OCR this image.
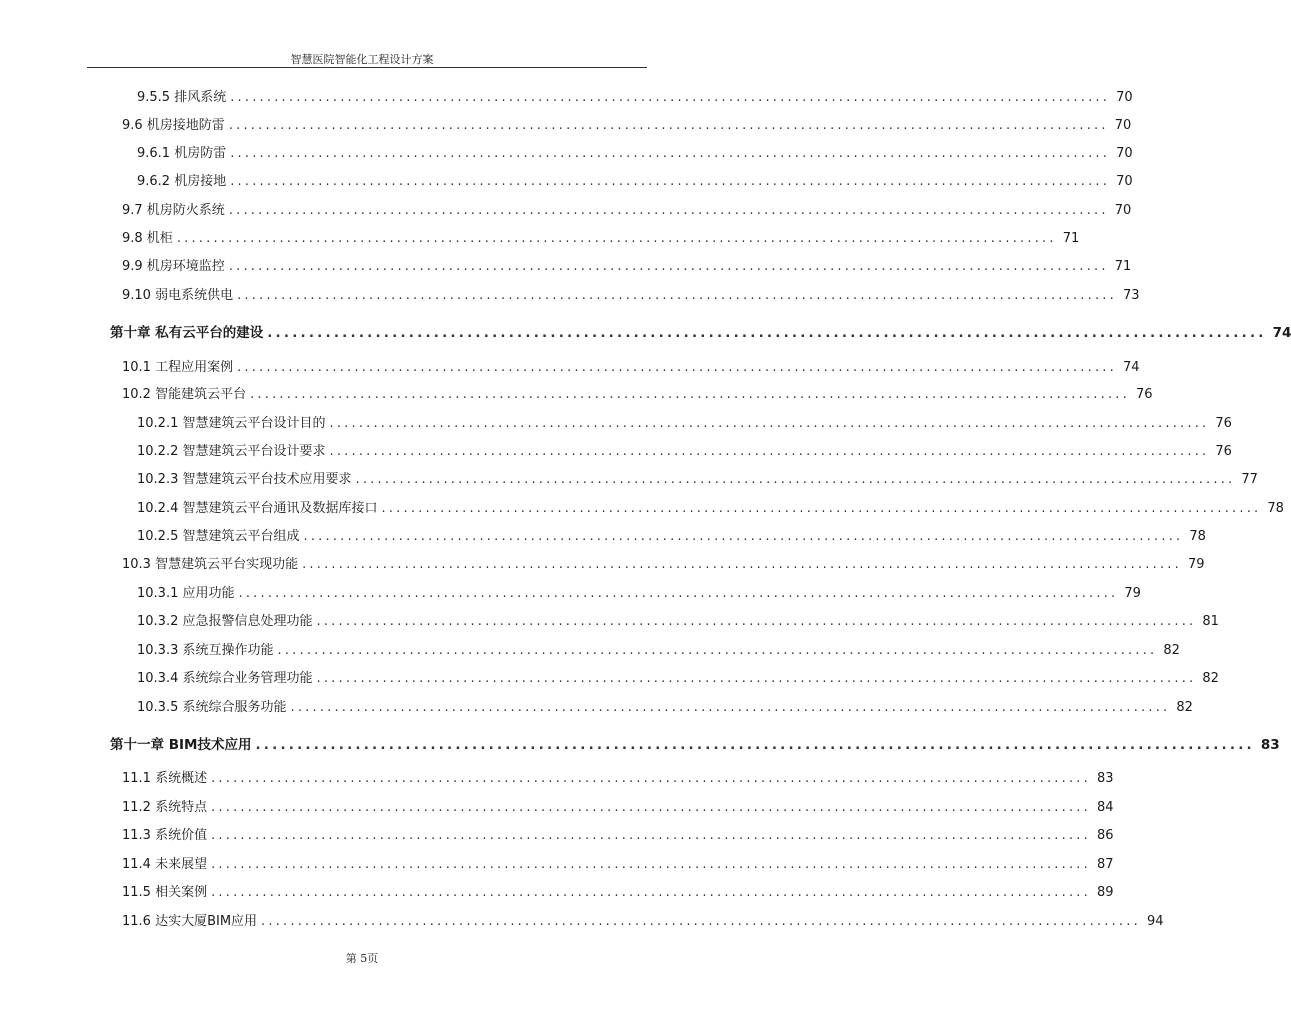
智慧医院智能化工程设计方案
9.5.5 排风系统 ........................................................................................................................ 70
9.6 机房接地防雷 ........................................................................................................................ 70
9.6.1 机房防雷 ........................................................................................................................ 70
9.6.2 机房接地 ........................................................................................................................ 70
9.7 机房防火系统 ........................................................................................................................ 70
9.8 机柜 ........................................................................................................................ 71
9.9 机房环境监控 ........................................................................................................................ 71
9.10 弱电系统供电 ........................................................................................................................ 73
第十章 私有云平台的建设 ........................................................................................................................ 74
10.1 工程应用案例 ........................................................................................................................ 74
10.2 智能建筑云平台 ........................................................................................................................ 76
10.2.1 智慧建筑云平台设计目的 ........................................................................................................................ 76
10.2.2 智慧建筑云平台设计要求 ........................................................................................................................ 76
10.2.3 智慧建筑云平台技术应用要求 ........................................................................................................................ 77
10.2.4 智慧建筑云平台通讯及数据库接口 ........................................................................................................................ 78
10.2.5 智慧建筑云平台组成 ........................................................................................................................ 78
10.3 智慧建筑云平台实现功能 ........................................................................................................................ 79
10.3.1 应用功能 ........................................................................................................................ 79
10.3.2 应急报警信息处理功能 ........................................................................................................................ 81
10.3.3 系统互操作功能 ........................................................................................................................ 82
10.3.4 系统综合业务管理功能 ........................................................................................................................ 82
10.3.5 系统综合服务功能 ........................................................................................................................ 82
第十一章 BIM技术应用 ........................................................................................................................ 83
11.1 系统概述 ........................................................................................................................ 83
11.2 系统特点 ........................................................................................................................ 84
11.3 系统价值 ........................................................................................................................ 86
11.4 未来展望 ........................................................................................................................ 87
11.5 相关案例 ........................................................................................................................ 89
11.6 达实大厦BIM应用 ........................................................................................................................ 94
第 5页
